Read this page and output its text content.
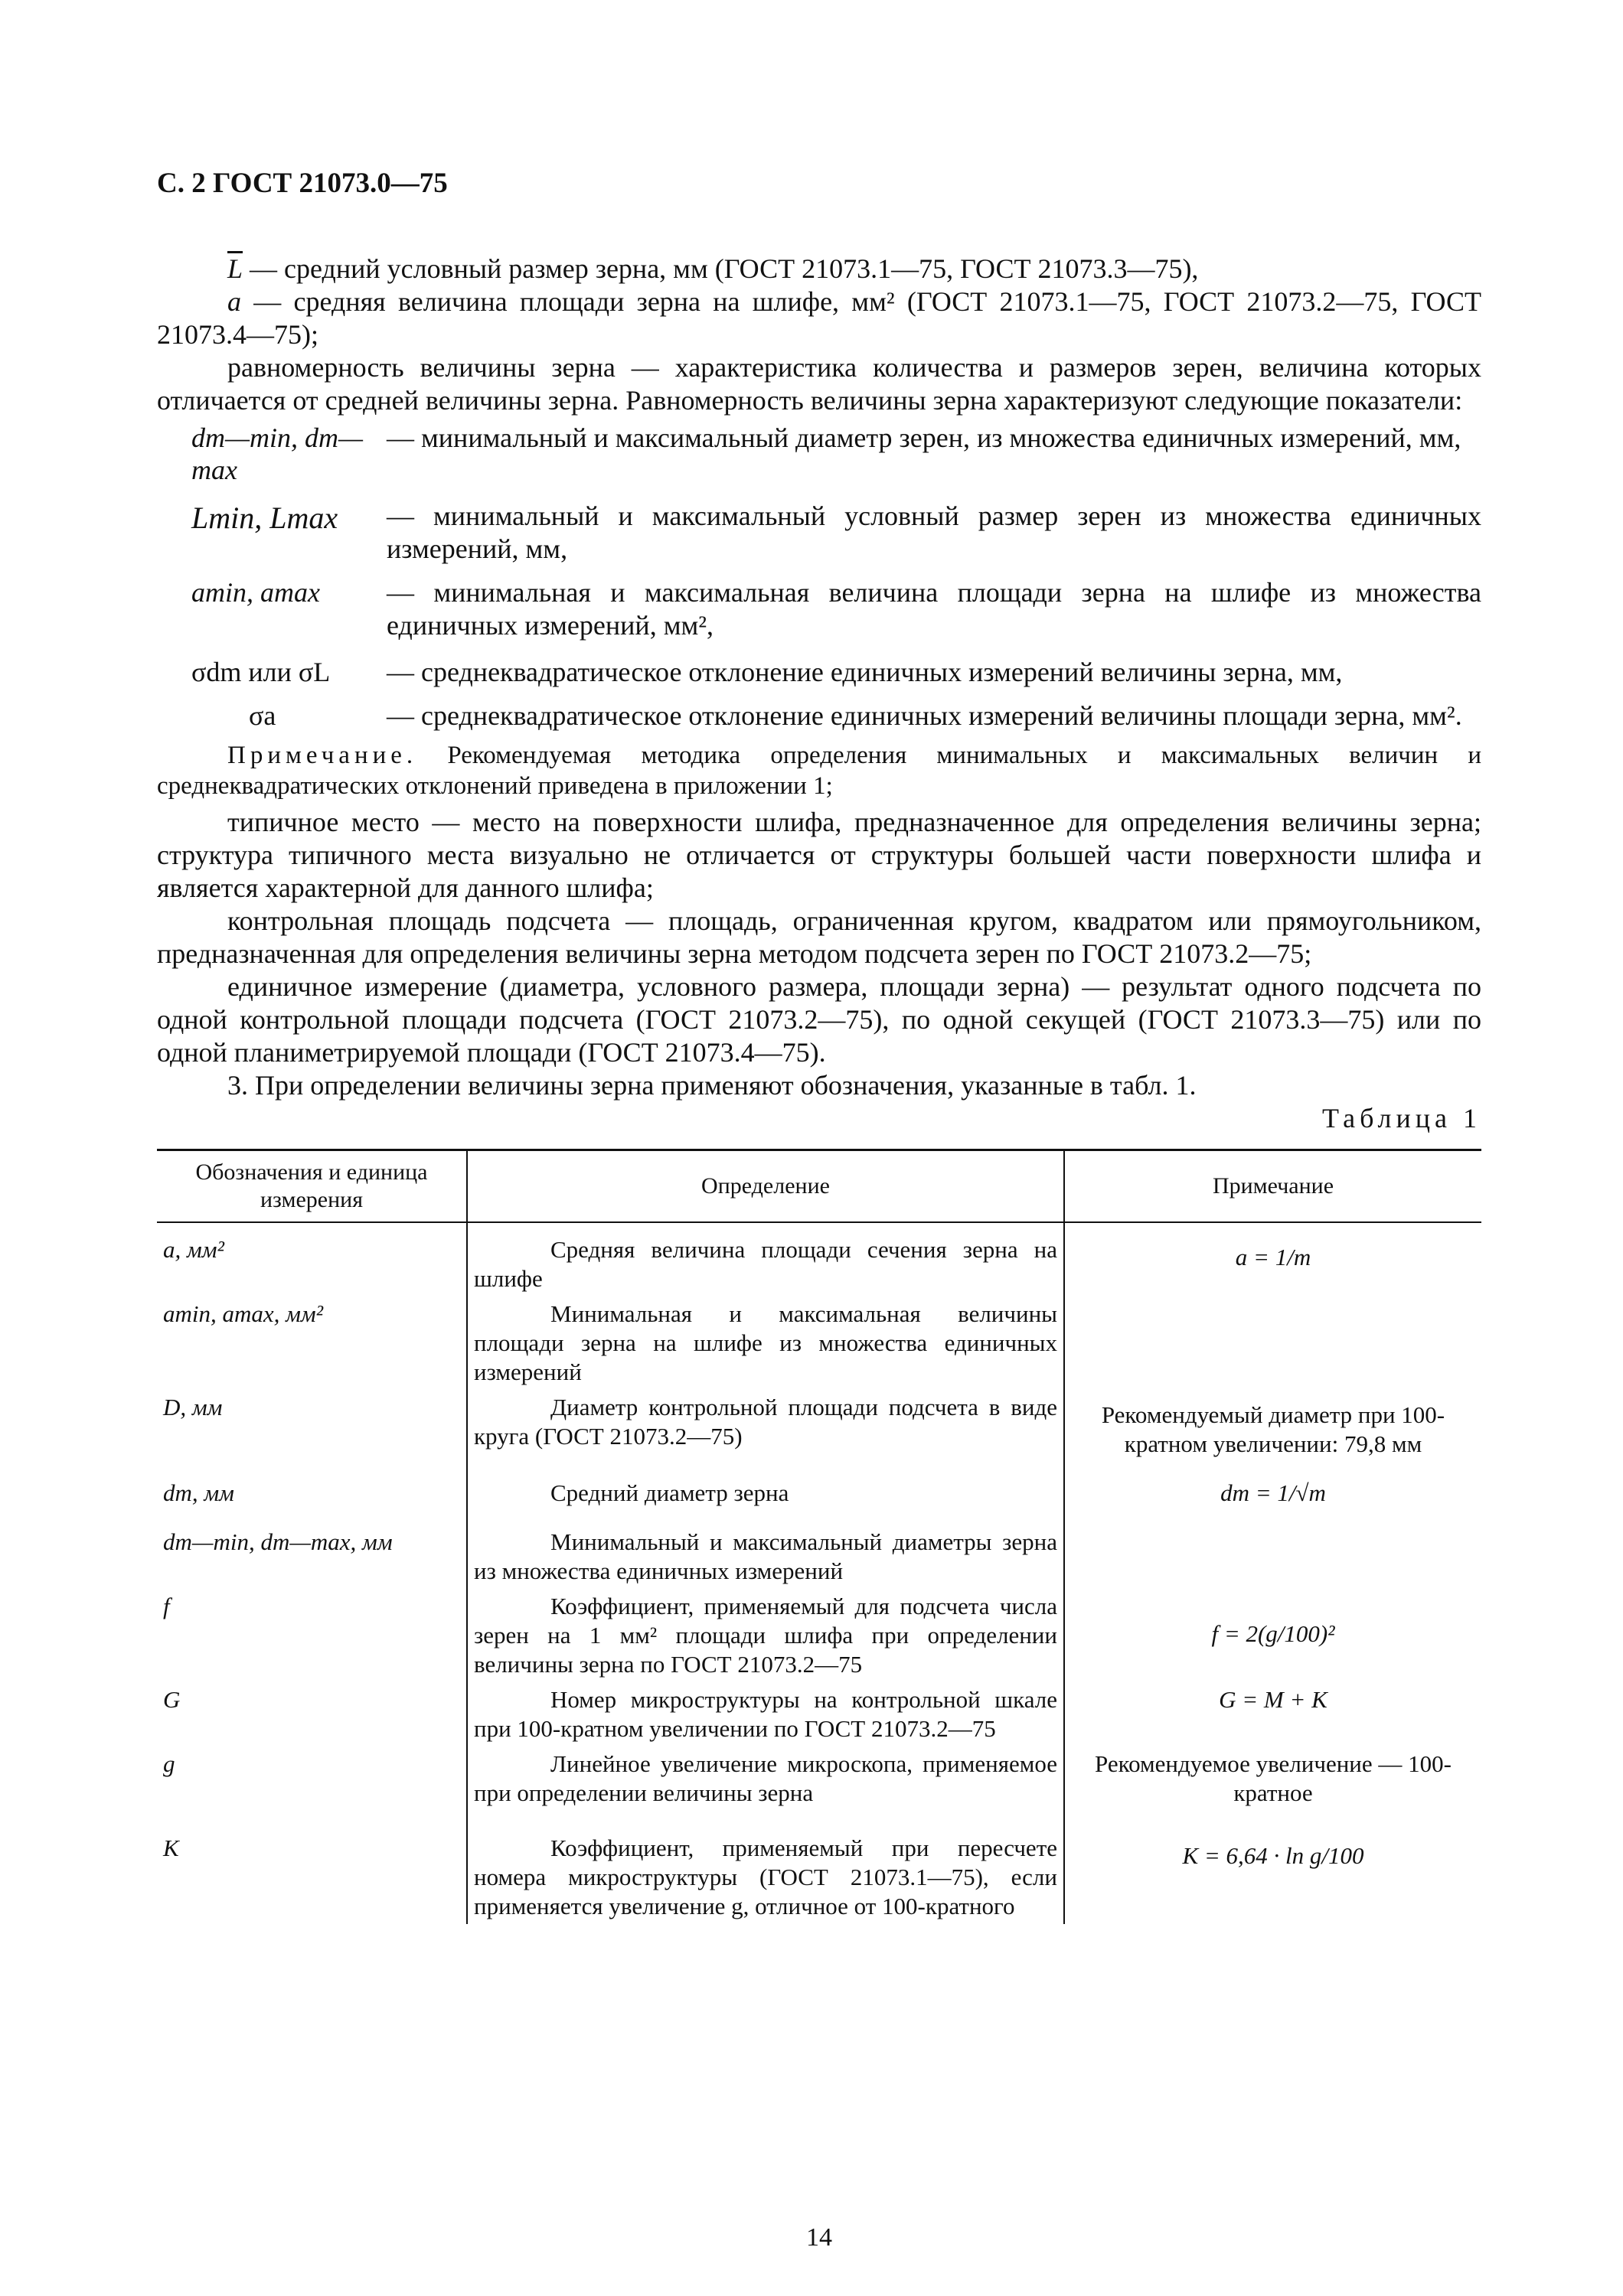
С. 2 ГОСТ 21073.0—75
$\overline{L}$ — средний условный размер зерна, мм (ГОСТ 21073.1—75, ГОСТ 21073.3—75),
a — средняя величина площади зерна на шлифе, мм² (ГОСТ 21073.1—75, ГОСТ 21073.2—75, ГОСТ 21073.4—75);
равномерность величины зерна — характеристика количества и размеров зерен, величина которых отличается от средней величины зерна. Равномерность величины зерна характеризуют следующие показатели:
dm—min, dm—max
— минимальный и максимальный диаметр зерен, из множества единичных измерений, мм,
Lmin, Lmax	— минимальный и максимальный условный размер зерен из множества единичных измерений, мм,
amin, amax	— минимальная и максимальная величина площади зерна на шлифе из множества единичных измерений, мм²,
σdm или σL	— среднеквадратическое отклонение единичных измерений величины зерна, мм,
σa	— среднеквадратическое отклонение единичных измерений величины площади зерна, мм².
Примечание. Рекомендуемая методика определения минимальных и максимальных величин и среднеквадратических отклонений приведена в приложении 1;
типичное место — место на поверхности шлифа, предназначенное для определения величины зерна; структура типичного места визуально не отличается от структуры большей части поверхности шлифа и является характерной для данного шлифа;
контрольная площадь подсчета — площадь, ограниченная кругом, квадратом или прямоугольником, предназначенная для определения величины зерна методом подсчета зерен по ГОСТ 21073.2—75;
единичное измерение (диаметра, условного размера, площади зерна) — результат одного подсчета по одной контрольной площади подсчета (ГОСТ 21073.2—75), по одной секущей (ГОСТ 21073.3—75) или по одной планиметрируемой площади (ГОСТ 21073.4—75).
3. При определении величины зерна применяют обозначения, указанные в табл. 1.
Таблица 1
Обозначения и единица измерения	Определение	Примечание
a, мм²	Средняя величина площади сечения зерна на шлифе	a = 1/m
amin, amax, мм²	Минимальная и максимальная величины площади зерна на шлифе из множества единичных измерений	
D, мм	Диаметр контрольной площади подсчета в виде круга (ГОСТ 21073.2—75)	Рекомендуемый диаметр при 100-кратном увеличении: 79,8 мм
dm, мм	Средний диаметр зерна	dm = 1/√m
dm—min, dm—max, мм	Минимальный и максимальный диаметры зерна из множества единичных измерений	
f	Коэффициент, применяемый для подсчета числа зерен на 1 мм² площади шлифа при определении величины зерна по ГОСТ 21073.2—75	f = 2(g/100)²
G	Номер микроструктуры на контрольной шкале при 100-кратном увеличении по ГОСТ 21073.2—75	G = M + K
g	Линейное увеличение микроскопа, применяемое при определении величины зерна	Рекомендуемое увеличение — 100-кратное
K	Коэффициент, применяемый при пересчете номера микроструктуры (ГОСТ 21073.1—75), если применяется увеличение g, отличное от 100-кратного	K = 6,64 · ln g/100
14
